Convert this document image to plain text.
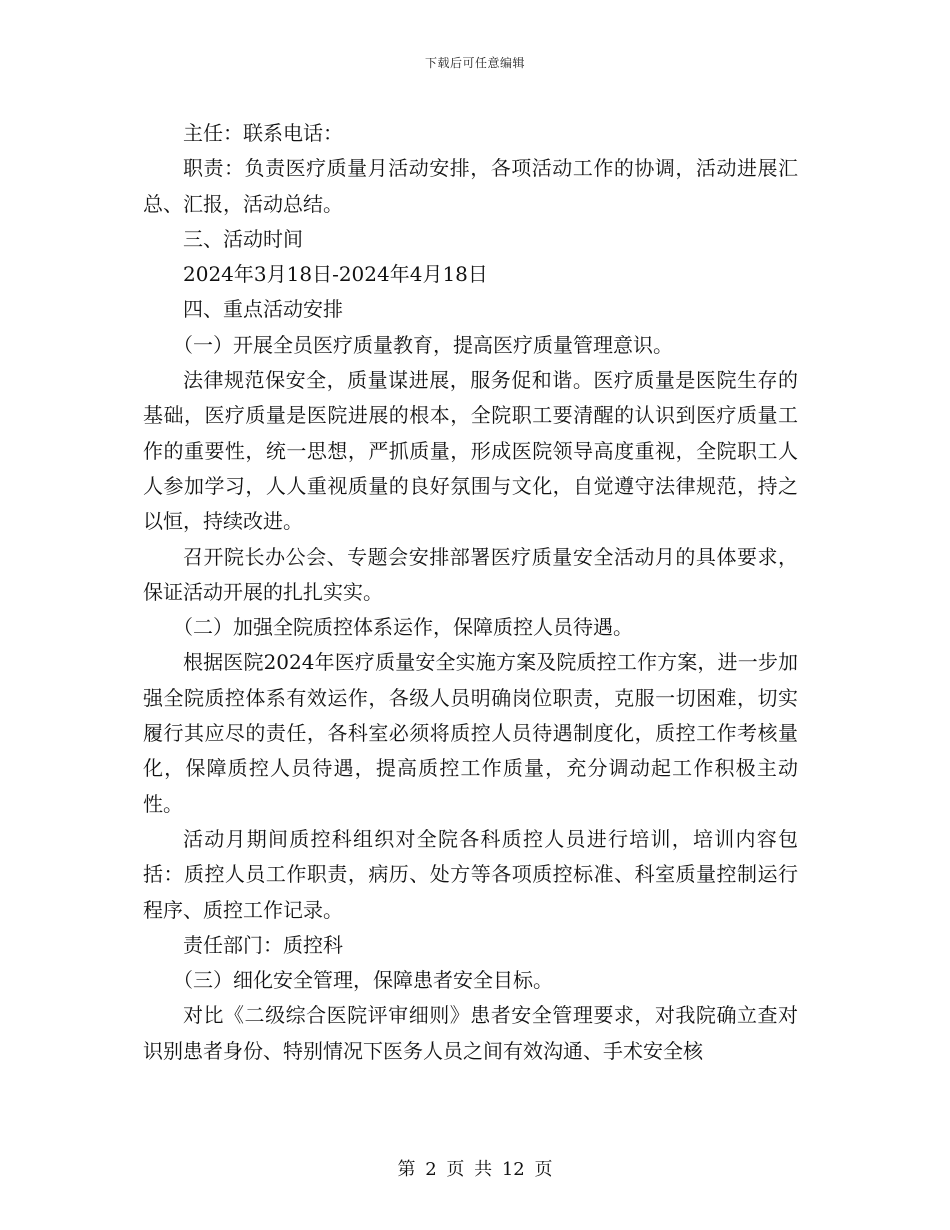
下载后可任意编辑

主任：联系电话：

职责：负责医疗质量月活动安排，各项活动工作的协调，活动进展汇总、汇报，活动总结。

三、活动时间

2024年3月18日-2024年4月18日

四、重点活动安排

（一）开展全员医疗质量教育，提高医疗质量管理意识。

法律规范保安全，质量谋进展，服务促和谐。医疗质量是医院生存的基础，医疗质量是医院进展的根本，全院职工要清醒的认识到医疗质量工作的重要性，统一思想，严抓质量，形成医院领导高度重视，全院职工人人参加学习，人人重视质量的良好氛围与文化，自觉遵守法律规范，持之以恒，持续改进。

召开院长办公会、专题会安排部署医疗质量安全活动月的具体要求，保证活动开展的扎扎实实。

（二）加强全院质控体系运作，保障质控人员待遇。

根据医院2024年医疗质量安全实施方案及院质控工作方案，进一步加强全院质控体系有效运作，各级人员明确岗位职责，克服一切困难，切实履行其应尽的责任，各科室必须将质控人员待遇制度化，质控工作考核量化，保障质控人员待遇，提高质控工作质量，充分调动起工作积极主动性。

活动月期间质控科组织对全院各科质控人员进行培训，培训内容包括：质控人员工作职责，病历、处方等各项质控标准、科室质量控制运行程序、质控工作记录。

责任部门：质控科

（三）细化安全管理，保障患者安全目标。

对比《二级综合医院评审细则》患者安全管理要求，对我院确立查对识别患者身份、特别情况下医务人员之间有效沟通、手术安全核

第 2 页 共 12 页
